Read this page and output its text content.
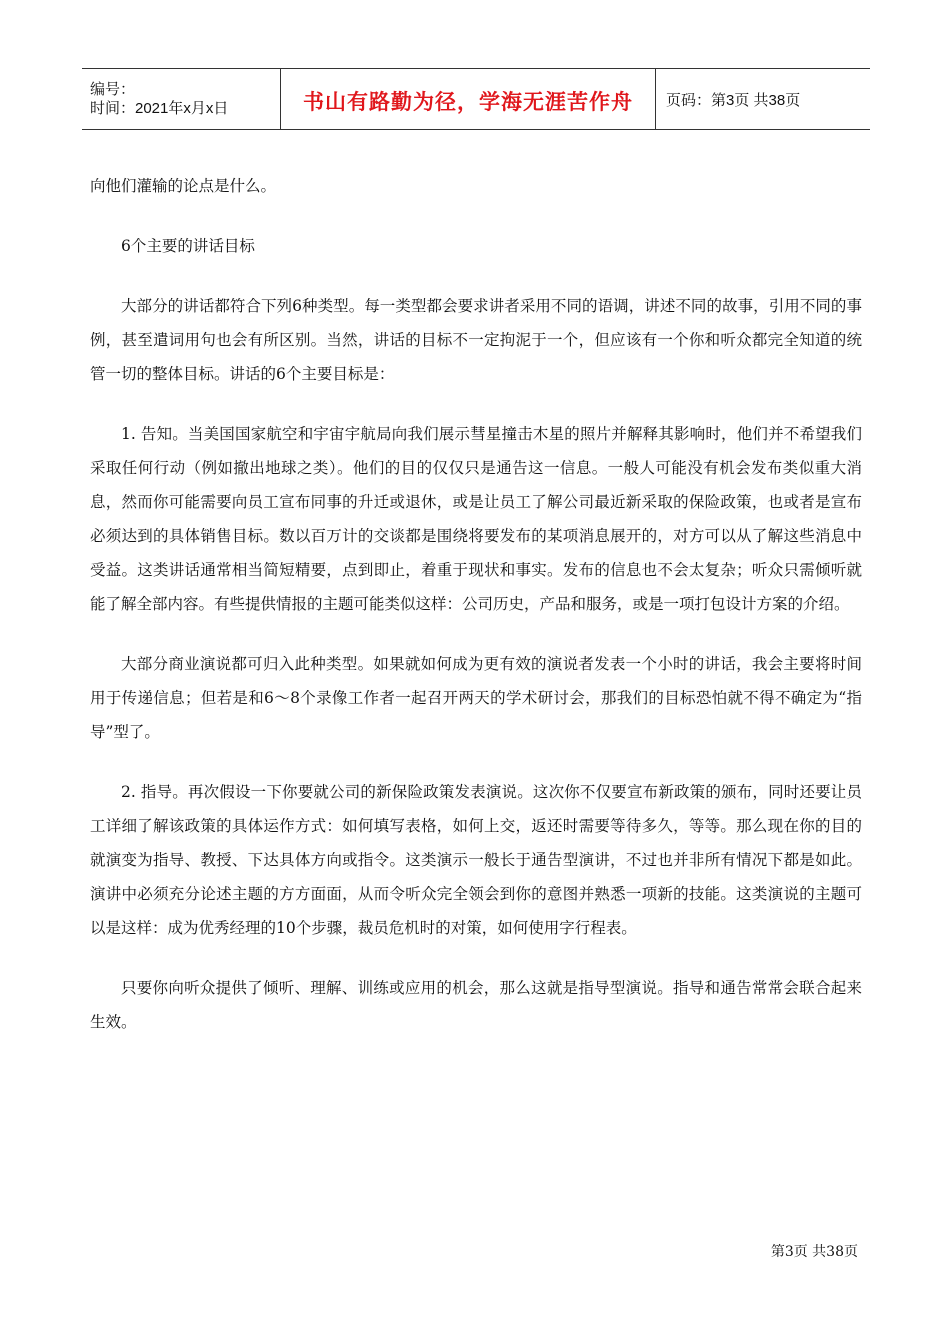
编号：
时间：2021年x月x日	书山有路勤为径，学海无涯苦作舟 页码：第3页 共38页

向他们灌输的论点是什么。

6个主要的讲话目标

大部分的讲话都符合下列6种类型。每一类型都会要求讲者采用不同的语调，讲述不同的故事，引用不同的事例，甚至遣词用句也会有所区别。当然，讲话的目标不一定拘泥于一个，但应该有一个你和听众都完全知道的统管一切的整体目标。讲话的6个主要目标是：

1. 告知。当美国国家航空和宇宙宇航局向我们展示彗星撞击木星的照片并解释其影响时，他们并不希望我们采取任何行动（例如撤出地球之类）。他们的目的仅仅只是通告这一信息。一般人可能没有机会发布类似重大消息，然而你可能需要向员工宣布同事的升迁或退休，或是让员工了解公司最近新采取的保险政策，也或者是宣布必须达到的具体销售目标。数以百万计的交谈都是围绕将要发布的某项消息展开的，对方可以从了解这些消息中受益。这类讲话通常相当简短精要，点到即止，着重于现状和事实。发布的信息也不会太复杂；听众只需倾听就能了解全部内容。有些提供情报的主题可能类似这样：公司历史，产品和服务，或是一项打包设计方案的介绍。

大部分商业演说都可归入此种类型。如果就如何成为更有效的演说者发表一个小时的讲话，我会主要将时间用于传递信息；但若是和6～8个录像工作者一起召开两天的学术研讨会，那我们的目标恐怕就不得不确定为“指导”型了。

2. 指导。再次假设一下你要就公司的新保险政策发表演说。这次你不仅要宣布新政策的颁布，同时还要让员工详细了解该政策的具体运作方式：如何填写表格，如何上交，返还时需要等待多久，等等。那么现在你的目的就演变为指导、教授、下达具体方向或指令。这类演示一般长于通告型演讲，不过也并非所有情况下都是如此。演讲中必须充分论述主题的方方面面，从而令听众完全领会到你的意图并熟悉一项新的技能。这类演说的主题可以是这样：成为优秀经理的10个步骤，裁员危机时的对策，如何使用字行程表。

只要你向听众提供了倾听、理解、训练或应用的机会，那么这就是指导型演说。指导和通告常常会联合起来生效。

第3页 共38页
